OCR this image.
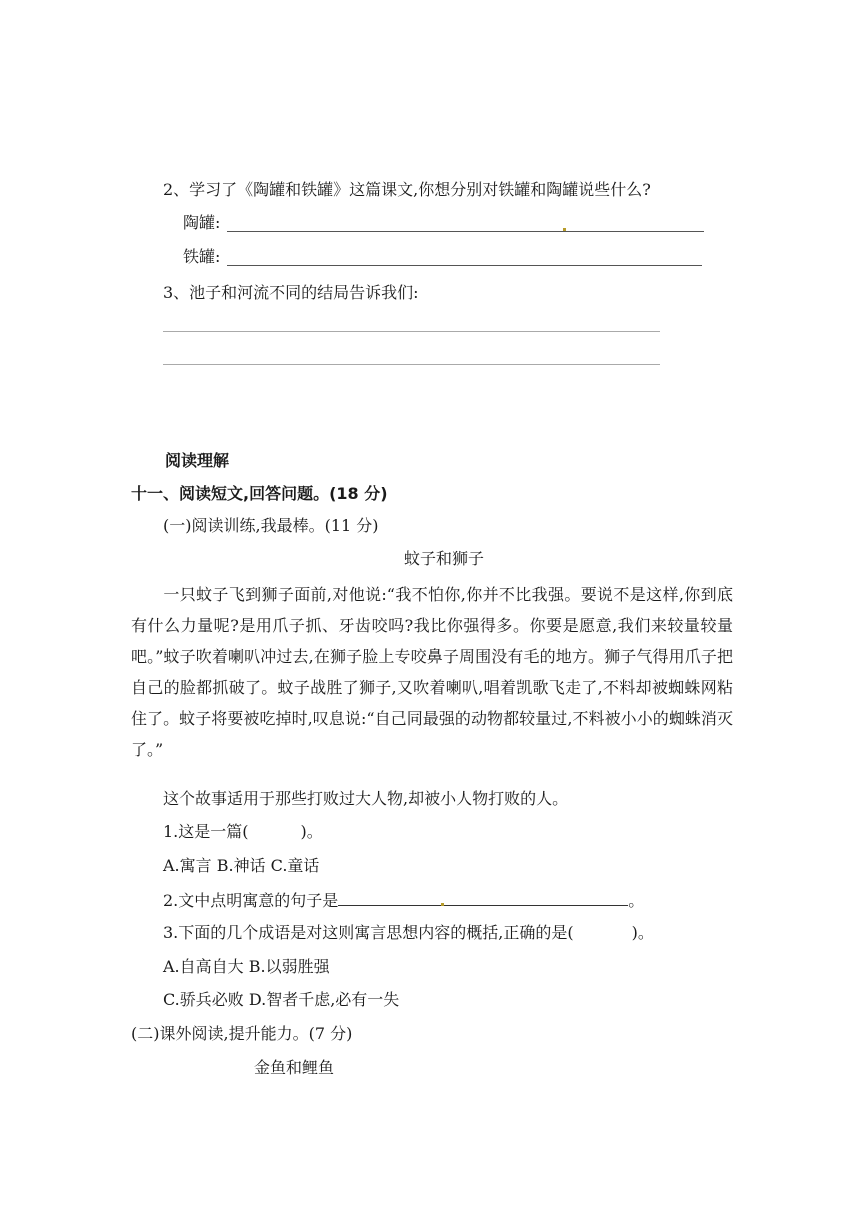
2、学习了《陶罐和铁罐》这篇课文,你想分别对铁罐和陶罐说些什么?
陶罐:
铁罐:
3、池子和河流不同的结局告诉我们:
阅读理解
十一、阅读短文,回答问题。(18 分)
(一)阅读训练,我最棒。(11 分)
蚊子和狮子
一只蚊子飞到狮子面前,对他说:“我不怕你,你并不比我强。要说不是这样,你到底有什么力量呢?是用爪子抓、牙齿咬吗?我比你强得多。你要是愿意,我们来较量较量吧。”蚊子吹着喇叭冲过去,在狮子脸上专咬鼻子周围没有毛的地方。狮子气得用爪子把自己的脸都抓破了。蚊子战胜了狮子,又吹着喇叭,唱着凯歌飞走了,不料却被蜘蛛网粘住了。蚊子将要被吃掉时,叹息说:“自己同最强的动物都较量过,不料被小小的蜘蛛消灭了。”
这个故事适用于那些打败过大人物,却被小人物打败的人。
1.这是一篇(	)。
A.寓言 B.神话 C.童话
2.文中点明寓意的句子是	。
3.下面的几个成语是对这则寓言思想内容的概括,正确的是(	)。
A.自高自大 B.以弱胜强
C.骄兵必败 D.智者千虑,必有一失
(二)课外阅读,提升能力。(7 分)
金鱼和鲤鱼
